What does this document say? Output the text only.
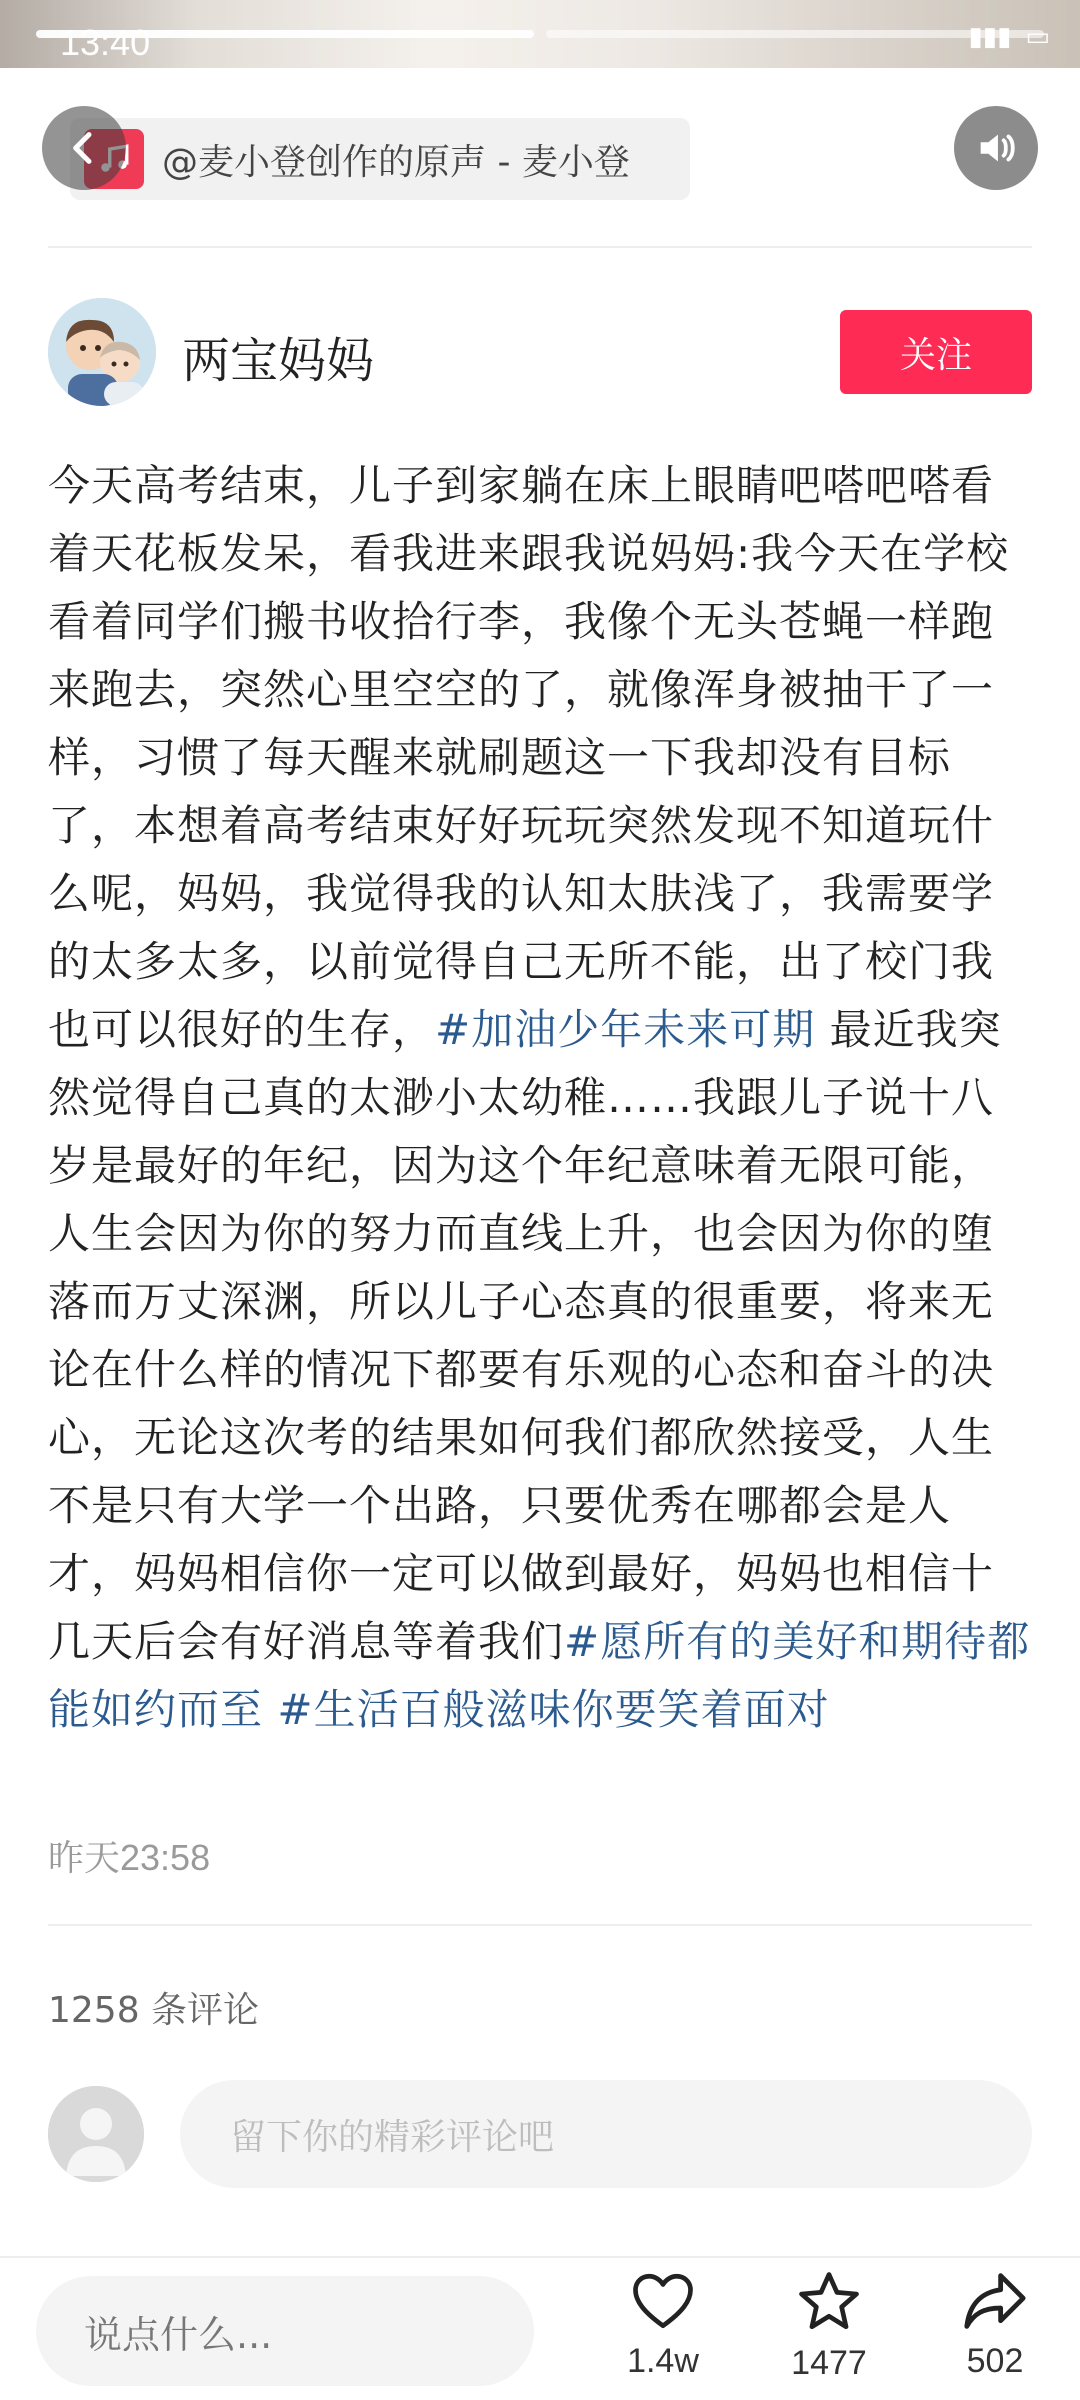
13:40	▮▮▮ ▭
@麦小登创作的原声 - 麦小登
两宝妈妈	关注
今天高考结束，儿子到家躺在床上眼睛吧嗒吧嗒看着天花板发呆，看我进来跟我说妈妈:我今天在学校看着同学们搬书收拾行李，我像个无头苍蝇一样跑来跑去，突然心里空空的了，就像浑身被抽干了一样，习惯了每天醒来就刷题这一下我却没有目标了，本想着高考结束好好玩玩突然发现不知道玩什么呢，妈妈，我觉得我的认知太肤浅了，我需要学的太多太多，以前觉得自己无所不能，出了校门我也可以很好的生存，#加油少年未来可期 最近我突然觉得自己真的太渺小太幼稚……我跟儿子说十八岁是最好的年纪，因为这个年纪意味着无限可能，人生会因为你的努力而直线上升，也会因为你的堕落而万丈深渊，所以儿子心态真的很重要，将来无论在什么样的情况下都要有乐观的心态和奋斗的决心，无论这次考的结果如何我们都欣然接受，人生不是只有大学一个出路，只要优秀在哪都会是人才，妈妈相信你一定可以做到最好，妈妈也相信十几天后会有好消息等着我们#愿所有的美好和期待都能如约而至 #生活百般滋味你要笑着面对
昨天23:58
1258 条评论
留下你的精彩评论吧
说点什么...
1.4w	1477	502
